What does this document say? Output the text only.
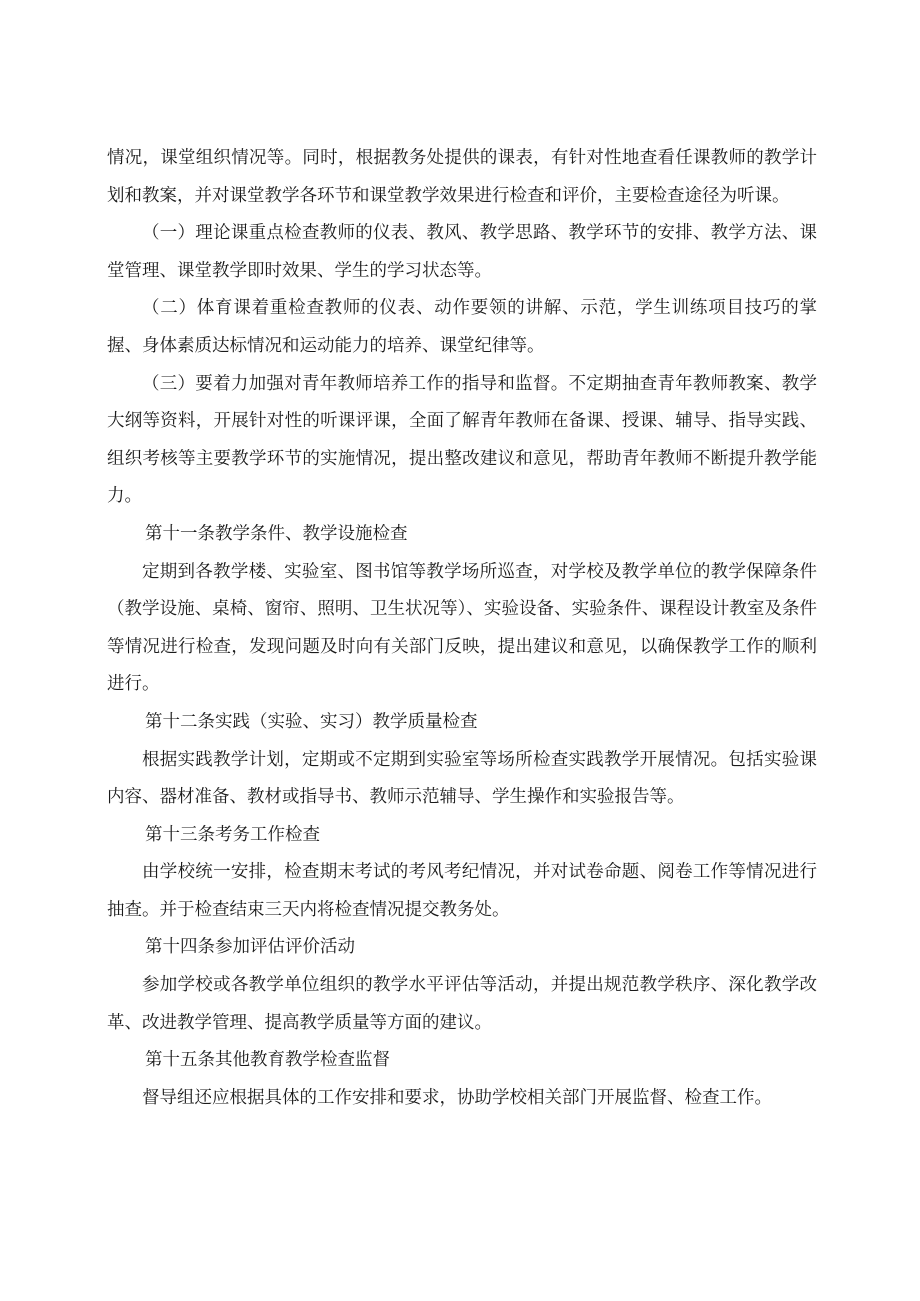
情况，课堂组织情况等。同时，根据教务处提供的课表，有针对性地查看任课教师的教学计划和教案，并对课堂教学各环节和课堂教学效果进行检查和评价，主要检查途径为听课。

（一）理论课重点检查教师的仪表、教风、教学思路、教学环节的安排、教学方法、课堂管理、课堂教学即时效果、学生的学习状态等。

（二）体育课着重检查教师的仪表、动作要领的讲解、示范，学生训练项目技巧的掌握、身体素质达标情况和运动能力的培养、课堂纪律等。

（三）要着力加强对青年教师培养工作的指导和监督。不定期抽查青年教师教案、教学大纲等资料，开展针对性的听课评课，全面了解青年教师在备课、授课、辅导、指导实践、组织考核等主要教学环节的实施情况，提出整改建议和意见，帮助青年教师不断提升教学能力。

第十一条教学条件、教学设施检查

定期到各教学楼、实验室、图书馆等教学场所巡查，对学校及教学单位的教学保障条件（教学设施、桌椅、窗帘、照明、卫生状况等）、实验设备、实验条件、课程设计教室及条件等情况进行检查，发现问题及时向有关部门反映，提出建议和意见，以确保教学工作的顺利进行。

第十二条实践（实验、实习）教学质量检查

根据实践教学计划，定期或不定期到实验室等场所检查实践教学开展情况。包括实验课内容、器材准备、教材或指导书、教师示范辅导、学生操作和实验报告等。

第十三条考务工作检查

由学校统一安排，检查期末考试的考风考纪情况，并对试卷命题、阅卷工作等情况进行抽查。并于检查结束三天内将检查情况提交教务处。

第十四条参加评估评价活动

参加学校或各教学单位组织的教学水平评估等活动，并提出规范教学秩序、深化教学改革、改进教学管理、提高教学质量等方面的建议。

第十五条其他教育教学检查监督

督导组还应根据具体的工作安排和要求，协助学校相关部门开展监督、检查工作。
